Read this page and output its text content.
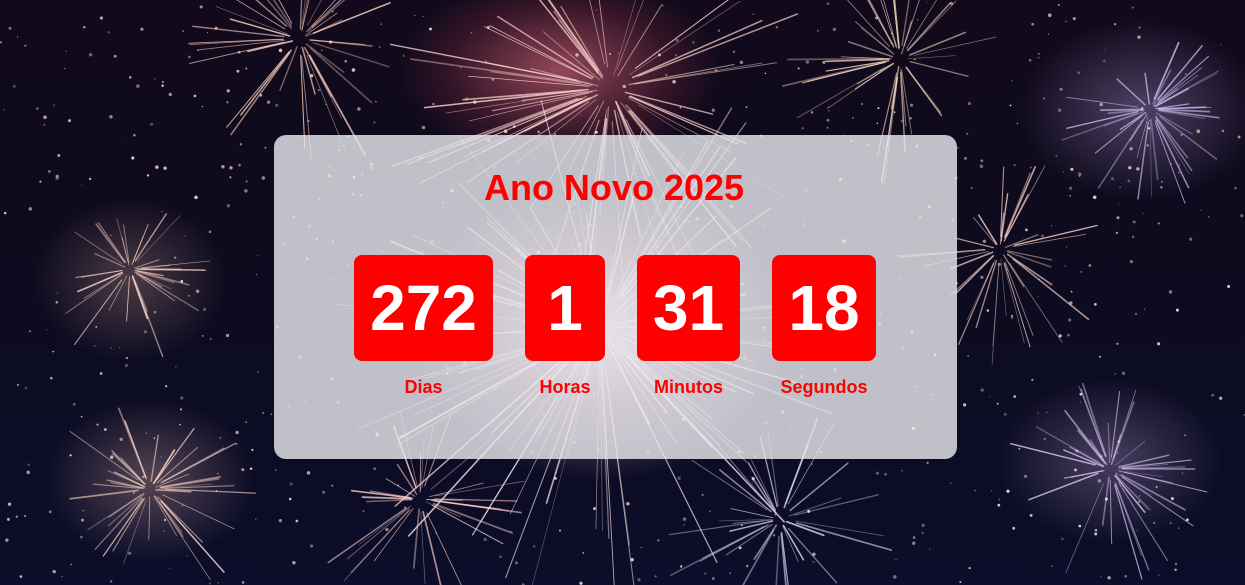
Ano Novo 2025
272
Dias
1
Horas
31
Minutos
18
Segundos
